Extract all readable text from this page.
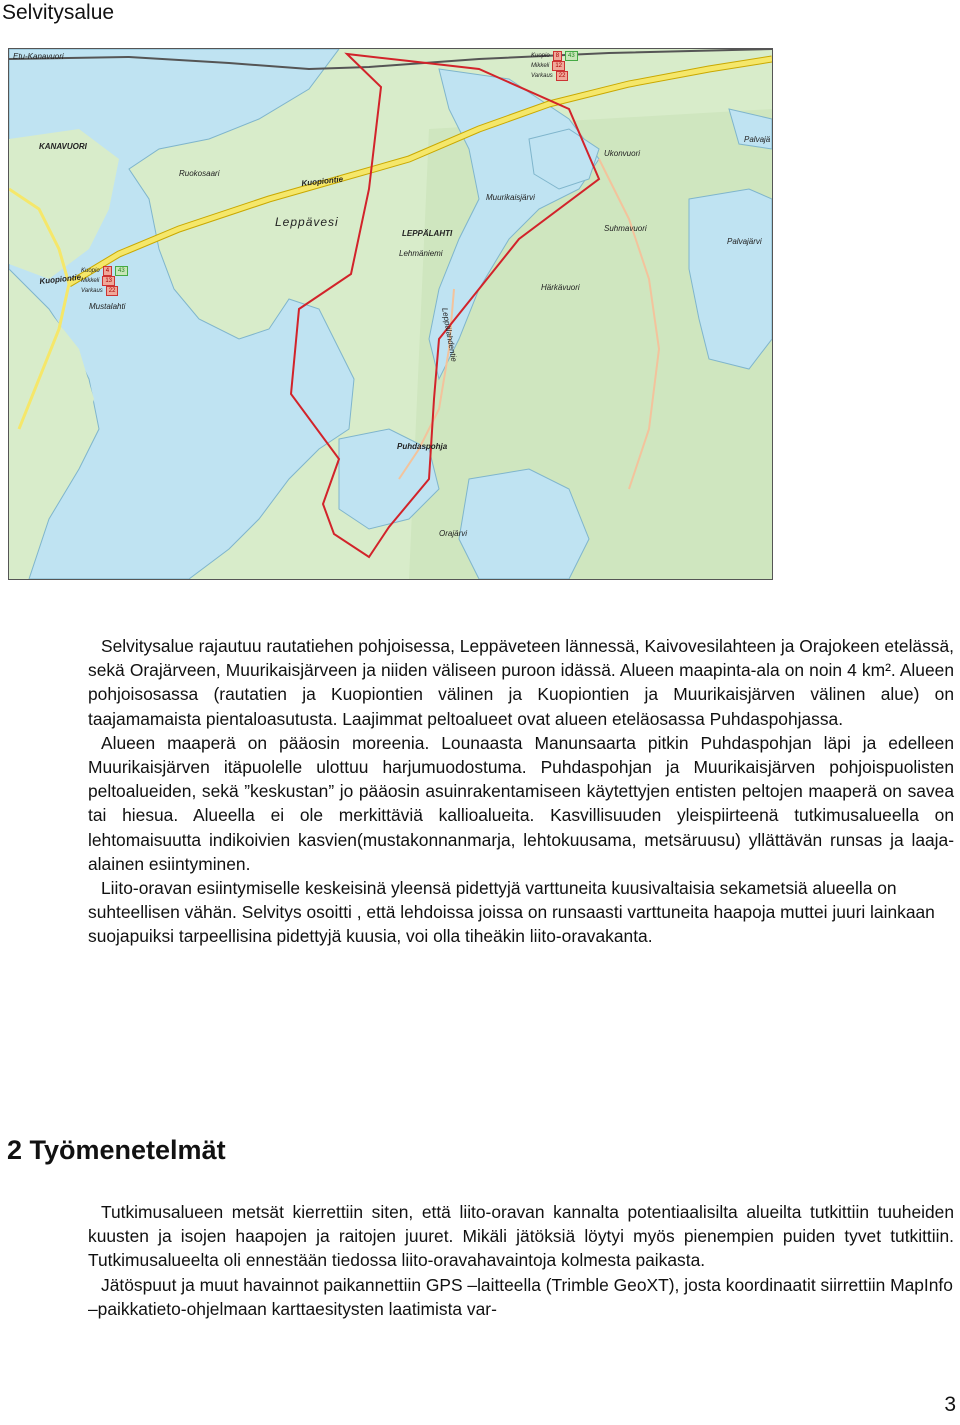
Selvitysalue
Etu-Kanavuori
KANAVUORI
Ruokosaari
Kuopiontie
Kuopiontie
Leppävesi
LEPPÄLAHTI
Lehmäniemi
Mustalahti
Muurikaisjärvi
Ukonvuori
Suhmavuori
Palvajä
Palvajärvi
Härkävuori
Puhdaspohja
Orajärvi
Leppälahdentie
Kuopio	8	43
Mikkeli	12
Varkaus	22
Kuopio	4	43
Mikkeli	13
Varkaus	22

Selvitysalue rajautuu rautatiehen pohjoisessa, Leppäveteen lännessä, Kaivovesilahteen ja Orajokeen etelässä, sekä Orajärveen, Muurikaisjärveen ja niiden väliseen puroon idässä. Alueen maapinta-ala on noin 4 km². Alueen pohjoisosassa (rautatien ja Kuopiontien välinen ja Kuopiontien ja Muurikaisjärven välinen alue) on taajamamaista pientaloasutusta. Laajimmat peltoalueet ovat alueen eteläosassa Puhdaspohjassa.

Alueen maaperä on pääosin moreenia. Lounaasta Manunsaarta pitkin Puhdaspohjan läpi ja edelleen Muurikaisjärven itäpuolelle ulottuu harjumuodostuma. Puhdaspohjan ja Muurikaisjärven pohjoispuolisten peltoalueiden, sekä ”keskustan” jo pääosin asuinrakentamiseen käytettyjen entisten peltojen maaperä on savea tai hiesua. Alueella ei ole merkittäviä kallioalueita. Kasvillisuuden yleispiirteenä tutkimusalueella on lehtomaisuutta indikoivien kasvien(mustakonnanmarja, lehtokuusama, metsäruusu) yllättävän runsas ja laaja-alainen esiintyminen.

Liito-oravan esiintymiselle keskeisinä yleensä pidettyjä varttuneita kuusivaltaisia sekametsiä alueella on suhteellisen vähän. Selvitys osoitti , että lehdoissa joissa on runsaasti varttuneita haapoja muttei juuri lainkaan suojapuiksi tarpeellisina pidettyjä kuusia, voi olla tiheäkin liito-oravakanta.

2 Työmenetelmät

Tutkimusalueen metsät kierrettiin siten, että liito-oravan kannalta potentiaalisilta alueilta tutkittiin tuuheiden kuusten ja isojen haapojen ja raitojen juuret. Mikäli jätöksiä löytyi myös pienempien puiden tyvet tutkittiin. Tutkimusalueelta oli ennestään tiedossa liito-oravahavaintoja kolmesta paikasta.

Jätöspuut ja muut havainnot paikannettiin GPS –laitteella (Trimble GeoXT), josta koordinaatit siirrettiin MapInfo –paikkatieto-ohjelmaan karttaesitysten laatimista var-

3
